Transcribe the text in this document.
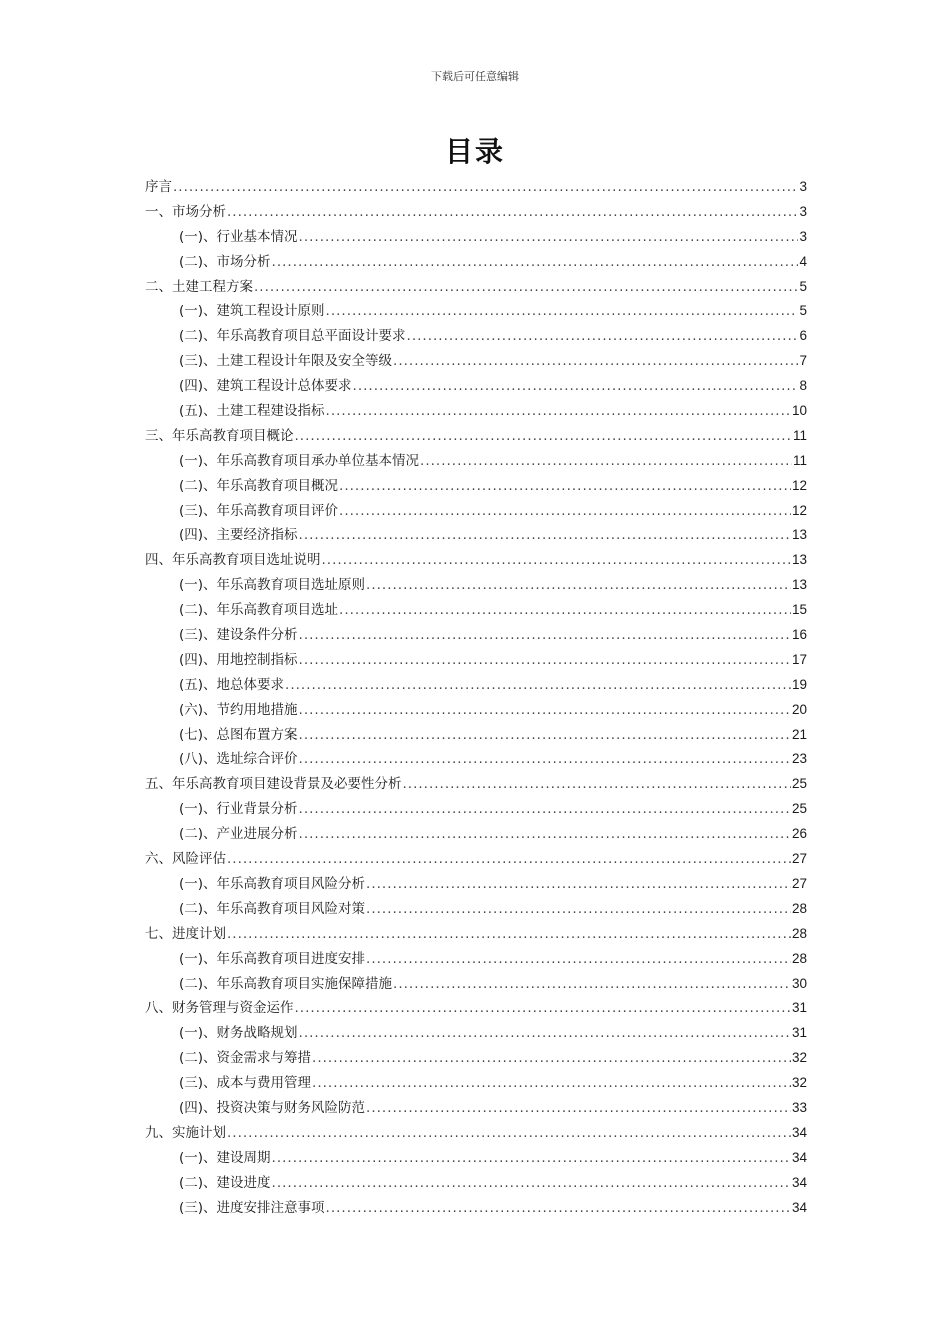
下载后可任意编辑
目录
序言 .....	3
一、市场分析 .....	3
(一)、行业基本情况 .....	3
(二)、市场分析 .....	4
二、土建工程方案 .....	5
(一)、建筑工程设计原则 .....	5
(二)、年乐高教育项目总平面设计要求 .....	6
(三)、土建工程设计年限及安全等级 .....	7
(四)、建筑工程设计总体要求 .....	8
(五)、土建工程建设指标 .....	10
三、年乐高教育项目概论 .....	11
(一)、年乐高教育项目承办单位基本情况 .....	11
(二)、年乐高教育项目概况 .....	12
(三)、年乐高教育项目评价 .....	12
(四)、主要经济指标 .....	13
四、年乐高教育项目选址说明 .....	13
(一)、年乐高教育项目选址原则 .....	13
(二)、年乐高教育项目选址 .....	15
(三)、建设条件分析 .....	16
(四)、用地控制指标 .....	17
(五)、地总体要求 .....	19
(六)、节约用地措施 .....	20
(七)、总图布置方案 .....	21
(八)、选址综合评价 .....	23
五、年乐高教育项目建设背景及必要性分析 .....	25
(一)、行业背景分析 .....	25
(二)、产业进展分析 .....	26
六、风险评估 .....	27
(一)、年乐高教育项目风险分析 .....	27
(二)、年乐高教育项目风险对策 .....	28
七、进度计划 .....	28
(一)、年乐高教育项目进度安排 .....	28
(二)、年乐高教育项目实施保障措施 .....	30
八、财务管理与资金运作 .....	31
(一)、财务战略规划 .....	31
(二)、资金需求与筹措 .....	32
(三)、成本与费用管理 .....	32
(四)、投资决策与财务风险防范 .....	33
九、实施计划 .....	34
(一)、建设周期 .....	34
(二)、建设进度 .....	34
(三)、进度安排注意事项 .....	34
